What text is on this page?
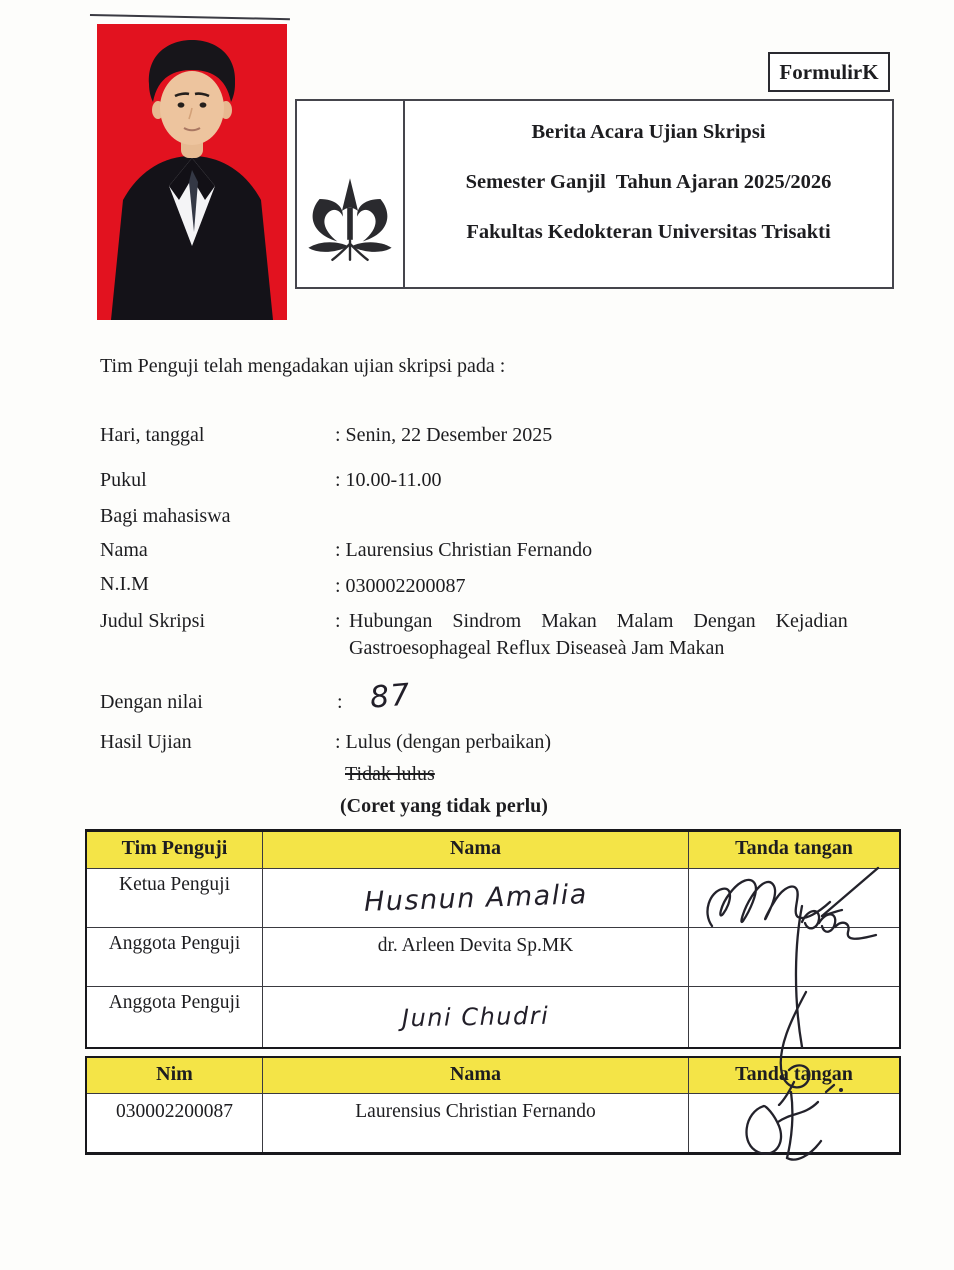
FormulirK

Berita Acara Ujian Skripsi

Semester Ganjil  Tahun Ajaran 2025/2026

Fakultas Kedokteran Universitas Trisakti

Tim Penguji telah mengadakan ujian skripsi pada :
Hari, tanggal	: Senin, 22 Desember 2025
Pukul	: 10.00-11.00
Bagi mahasiswa
Nama	: Laurensius Christian Fernando
N.I.M	: 030002200087
Judul Skripsi	: Hubungan Sindrom Makan Malam Dengan Kejadian
Gastroesophageal Reflux Diseaseà Jam Makan
Dengan nilai	: 87
Hasil Ujian	: Lulus (dengan perbaikan)
Tidak lulus
(Coret yang tidak perlu)
Tim Penguji	Nama	Tanda tangan
Ketua Penguji	Husnun Amalia
Anggota Penguji	dr. Arleen Devita Sp.MK
Anggota Penguji	Juni Chudri
Nim	Nama	Tanda tangan
030002200087	Laurensius Christian Fernando
